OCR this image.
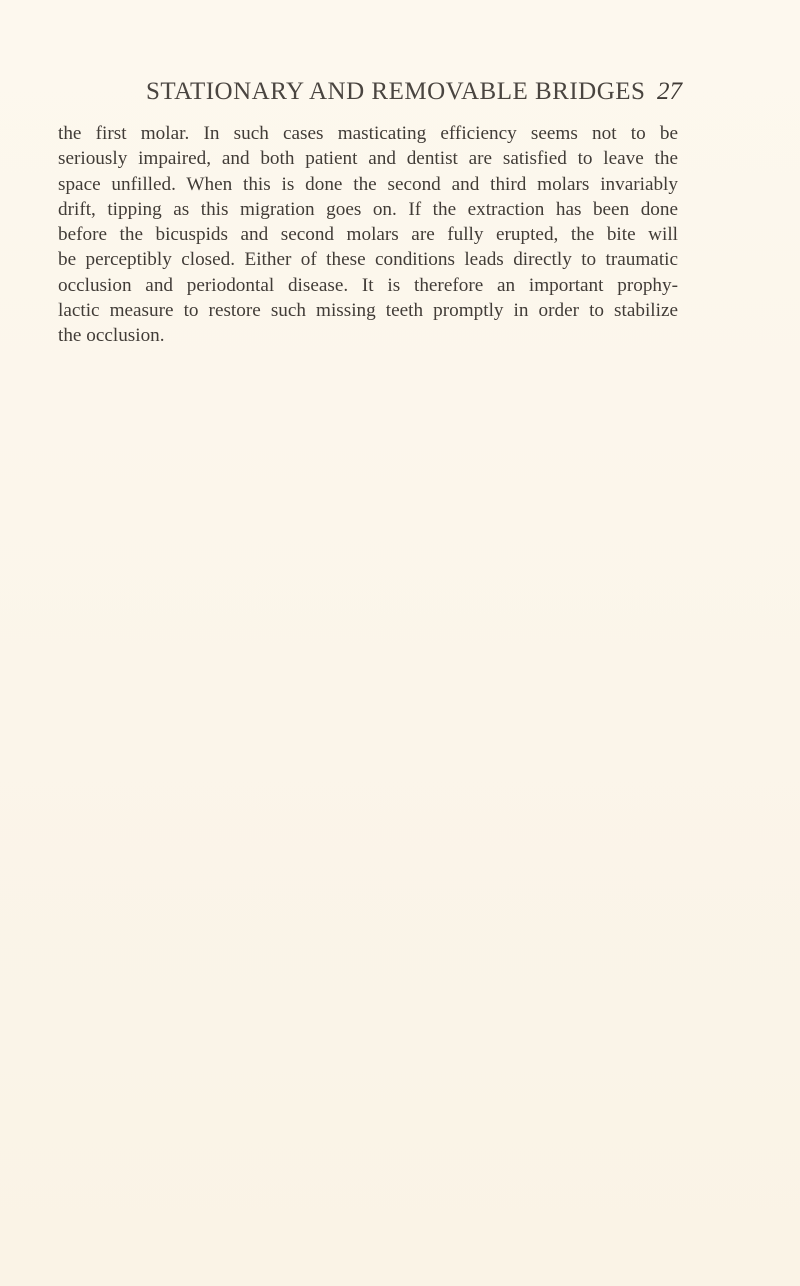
STATIONARY AND REMOVABLE BRIDGES 27

the first molar. In such cases masticating efficiency seems not to be
seriously impaired, and both patient and dentist are satisfied to leave the
space unfilled. When this is done the second and third molars invariably
drift, tipping as this migration goes on. If the extraction has been done
before the bicuspids and second molars are fully erupted, the bite will
be perceptibly closed. Either of these conditions leads directly to traumatic
occlusion and periodontal disease. It is therefore an important prophy-
lactic measure to restore such missing teeth promptly in order to stabilize
the occlusion.
